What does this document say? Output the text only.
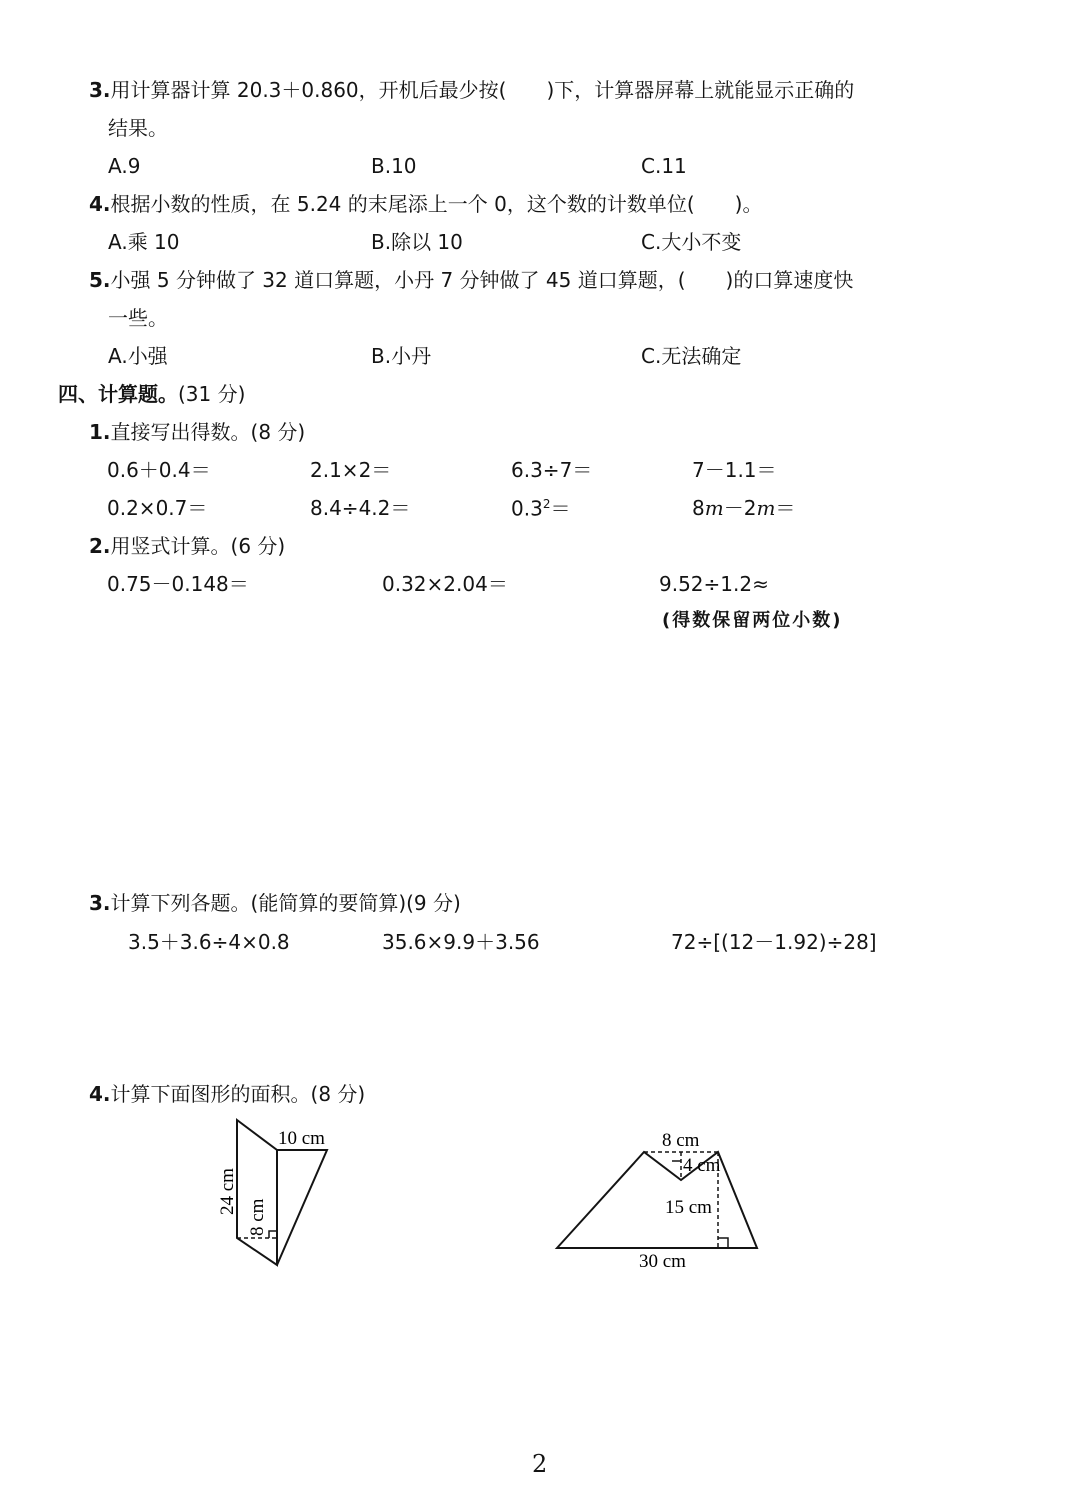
3.用计算器计算 20.3＋0.860，开机后最少按(　　)下，计算器屏幕上就能显示正确的
结果。
A.9	B.10	C.11
4.根据小数的性质，在 5.24 的末尾添上一个 0，这个数的计数单位(　　)。
A.乘 10	B.除以 10	C.大小不变
5.小强 5 分钟做了 32 道口算题，小丹 7 分钟做了 45 道口算题，(　　)的口算速度快
一些。
A.小强	B.小丹	C.无法确定
四、计算题。(31 分)
1.直接写出得数。(8 分)
0.6＋0.4＝	2.1×2＝	6.3÷7＝	7－1.1＝
0.2×0.7＝	8.4÷4.2＝	$0.3^2=$	8m－2m＝
2.用竖式计算。(6 分)
0.75－0.148＝	0.32×2.04＝	9.52÷1.2≈
(得数保留两位小数)
3.计算下列各题。(能简算的要简算)(9 分)
3.5＋3.6÷4×0.8	35.6×9.9＋3.56	72÷[(12－1.92)÷28]
4.计算下面图形的面积。(8 分)
10 cm
24 cm
8 cm
8 cm
4 cm
15 cm
30 cm
2
